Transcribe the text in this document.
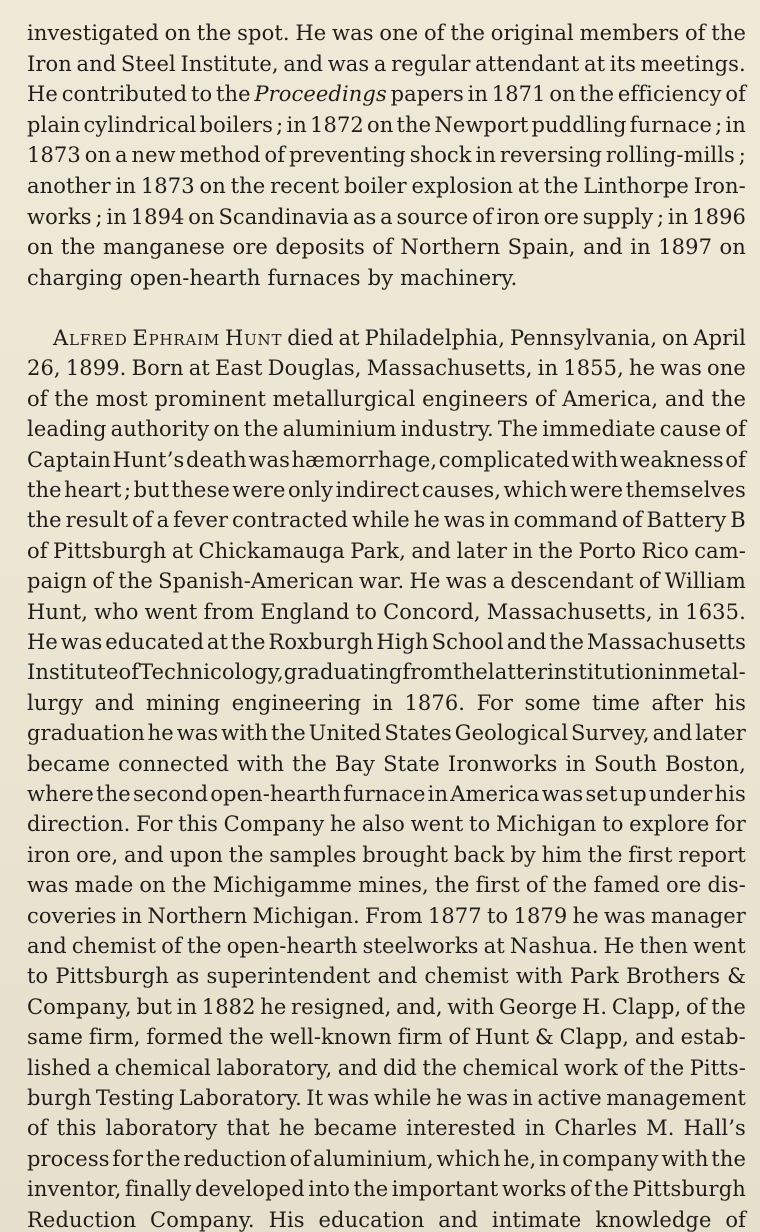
investigated on the spot. He was one of the original members of the
Iron and Steel Institute, and was a regular attendant at its meetings.
He contributed to the Proceedings papers in 1871 on the efficiency of
plain cylindrical boilers ; in 1872 on the Newport puddling furnace ; in
1873 on a new method of preventing shock in reversing rolling-mills ;
another in 1873 on the recent boiler explosion at the Linthorpe Iron-
works ; in 1894 on Scandinavia as a source of iron ore supply ; in 1896
on the manganese ore deposits of Northern Spain, and in 1897 on
charging open-hearth furnaces by machinery.
Alfred Ephraim Hunt died at Philadelphia, Pennsylvania, on April
26, 1899. Born at East Douglas, Massachusetts, in 1855, he was one
of the most prominent metallurgical engineers of America, and the
leading authority on the aluminium industry. The immediate cause of
Captain Hunt’s death was hæmorrhage, complicated with weakness of
the heart ; but these were only indirect causes, which were themselves
the result of a fever contracted while he was in command of Battery B
of Pittsburgh at Chickamauga Park, and later in the Porto Rico cam-
paign of the Spanish-American war. He was a descendant of William
Hunt, who went from England to Concord, Massachusetts, in 1635.
He was educated at the Roxburgh High School and the Massachusetts
Institute of Technicology, graduating from the latter institution in metal-
lurgy and mining engineering in 1876. For some time after his
graduation he was with the United States Geological Survey, and later
became connected with the Bay State Ironworks in South Boston,
where the second open-hearth furnace in America was set up under his
direction. For this Company he also went to Michigan to explore for
iron ore, and upon the samples brought back by him the first report
was made on the Michigamme mines, the first of the famed ore dis-
coveries in Northern Michigan. From 1877 to 1879 he was manager
and chemist of the open-hearth steelworks at Nashua. He then went
to Pittsburgh as superintendent and chemist with Park Brothers &
Company, but in 1882 he resigned, and, with George H. Clapp, of the
same firm, formed the well-known firm of Hunt & Clapp, and estab-
lished a chemical laboratory, and did the chemical work of the Pitts-
burgh Testing Laboratory. It was while he was in active management
of this laboratory that he became interested in Charles M. Hall’s
process for the reduction of aluminium, which he, in company with the
inventor, finally developed into the important works of the Pittsburgh
Reduction Company. His education and intimate knowledge of
